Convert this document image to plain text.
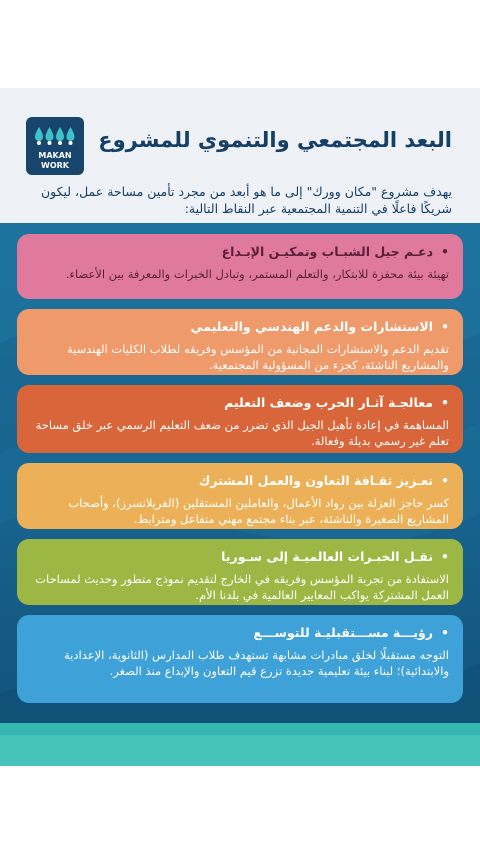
MAKAN
WORK
البعد المجتمعي والتنموي للمشروع
يهدف مشروع "مكان وورك" إلى ما هو أبعد من مجرد تأمين مساحة عمل، ليكون شريكًا فاعلًا في التنمية المجتمعية عبر النقاط التالية:

•دعـم جيل الشبـاب وتمكيـن الإبـداع

تهيئة بيئة محفزة للابتكار، والتعلم المستمر، وتبادل الخبرات والمعرفة بين الأعضاء.

•الاستشارات والدعم الهندسي والتعليمي

تقديم الدعم والاستشارات المجانية من المؤسس وفريقه لطلاب الكليات الهندسية والمشاريع الناشئة، كجزء من المسؤولية المجتمعية.

•معالجـة آثـار الحرب وضعف التعليم

المساهمة في إعادة تأهيل الجيل الذي تضرر من ضعف التعليم الرسمي عبر خلق مساحة تعلم غير رسمي بديلة وفعالة.

•تعـزيز ثقـافة التعاون والعمل المشترك

كسر حاجز العزلة بين رواد الأعمال، والعاملين المستقلين (الفريلانسرز)، وأصحاب المشاريع الصغيرة والناشئة، عبر بناء مجتمع مهني متفاعل ومترابط.

•نقـل الخبـرات العالميـة إلى سـوريا

الاستفادة من تجربة المؤسس وفريقه في الخارج لتقديم نموذج متطور وحديث لمساحات العمل المشتركة يواكب المعايير العالمية في بلدنا الأم.

•رؤيـــة مســـتقبليـة للتوســـع

التوجه مستقبلًا لخلق مبادرات مشابهة تستهدف طلاب المدارس (الثانوية، الإعدادية والابتدائية)؛ لبناء بيئة تعليمية جديدة تزرع قيم التعاون والإبداع منذ الصغر.
